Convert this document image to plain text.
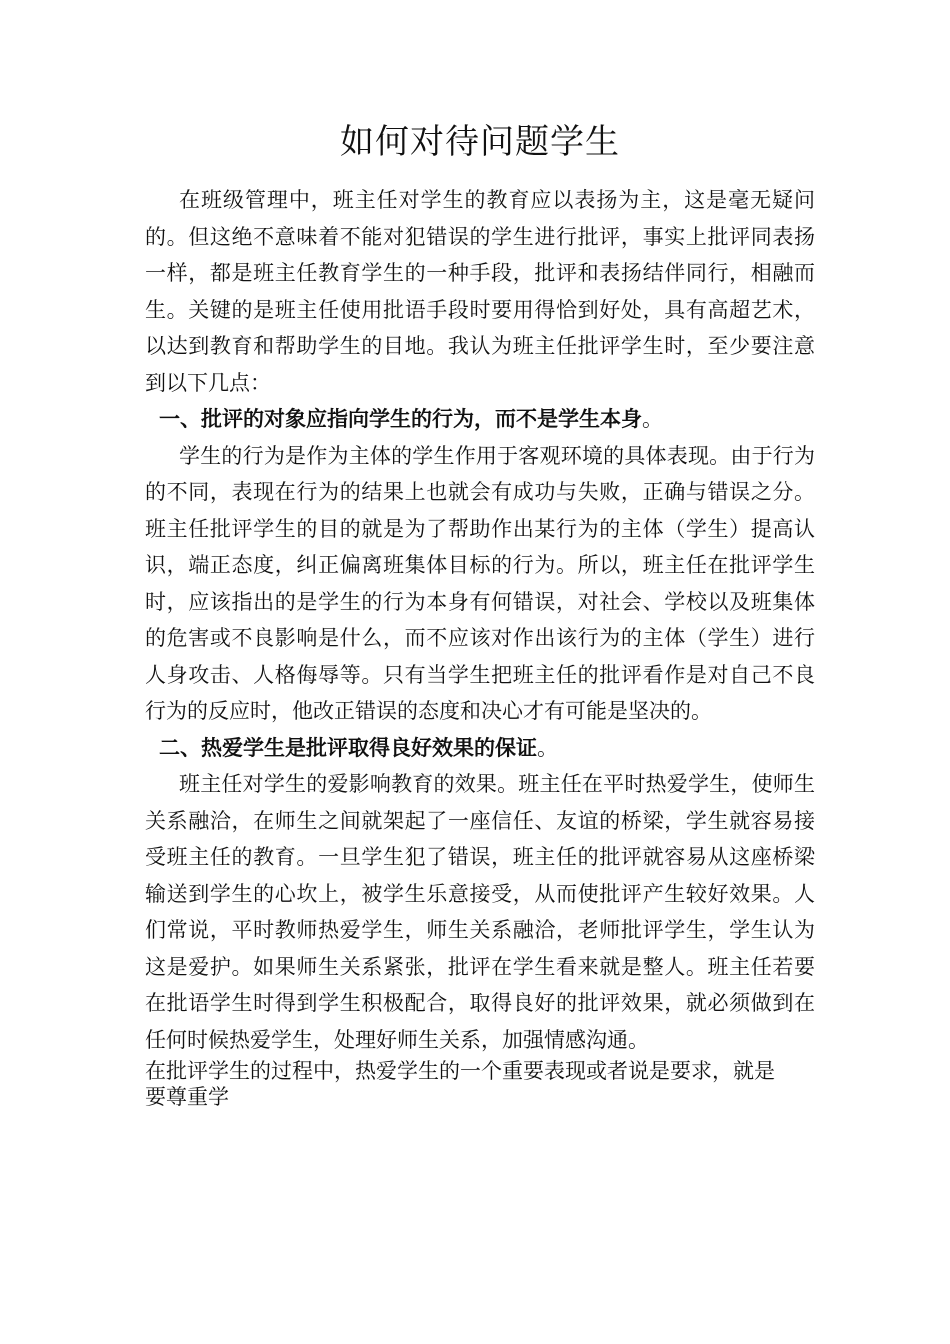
如何对待问题学生

在班级管理中，班主任对学生的教育应以表扬为主，这是毫无疑问的。但这绝不意味着不能对犯错误的学生进行批评，事实上批评同表扬一样，都是班主任教育学生的一种手段，批评和表扬结伴同行，相融而生。关键的是班主任使用批语手段时要用得恰到好处，具有高超艺术，以达到教育和帮助学生的目地。我认为班主任批评学生时，至少要注意到以下几点：

一、批评的对象应指向学生的行为，而不是学生本身。

学生的行为是作为主体的学生作用于客观环境的具体表现。由于行为的不同，表现在行为的结果上也就会有成功与失败，正确与错误之分。班主任批评学生的目的就是为了帮助作出某行为的主体（学生）提高认识，端正态度，纠正偏离班集体目标的行为。所以，班主任在批评学生时，应该指出的是学生的行为本身有何错误，对社会、学校以及班集体的危害或不良影响是什么，而不应该对作出该行为的主体（学生）进行人身攻击、人格侮辱等。只有当学生把班主任的批评看作是对自己不良行为的反应时，他改正错误的态度和决心才有可能是坚决的。

二、热爱学生是批评取得良好效果的保证。

班主任对学生的爱影响教育的效果。班主任在平时热爱学生，使师生关系融洽，在师生之间就架起了一座信任、友谊的桥梁，学生就容易接受班主任的教育。一旦学生犯了错误，班主任的批评就容易从这座桥梁输送到学生的心坎上，被学生乐意接受，从而使批评产生较好效果。人们常说，平时教师热爱学生，师生关系融洽，老师批评学生，学生认为这是爱护。如果师生关系紧张，批评在学生看来就是整人。班主任若要在批语学生时得到学生积极配合，取得良好的批评效果，就必须做到在任何时候热爱学生，处理好师生关系，加强情感沟通。

在批评学生的过程中，热爱学生的一个重要表现或者说是要求，就是

要尊重学
